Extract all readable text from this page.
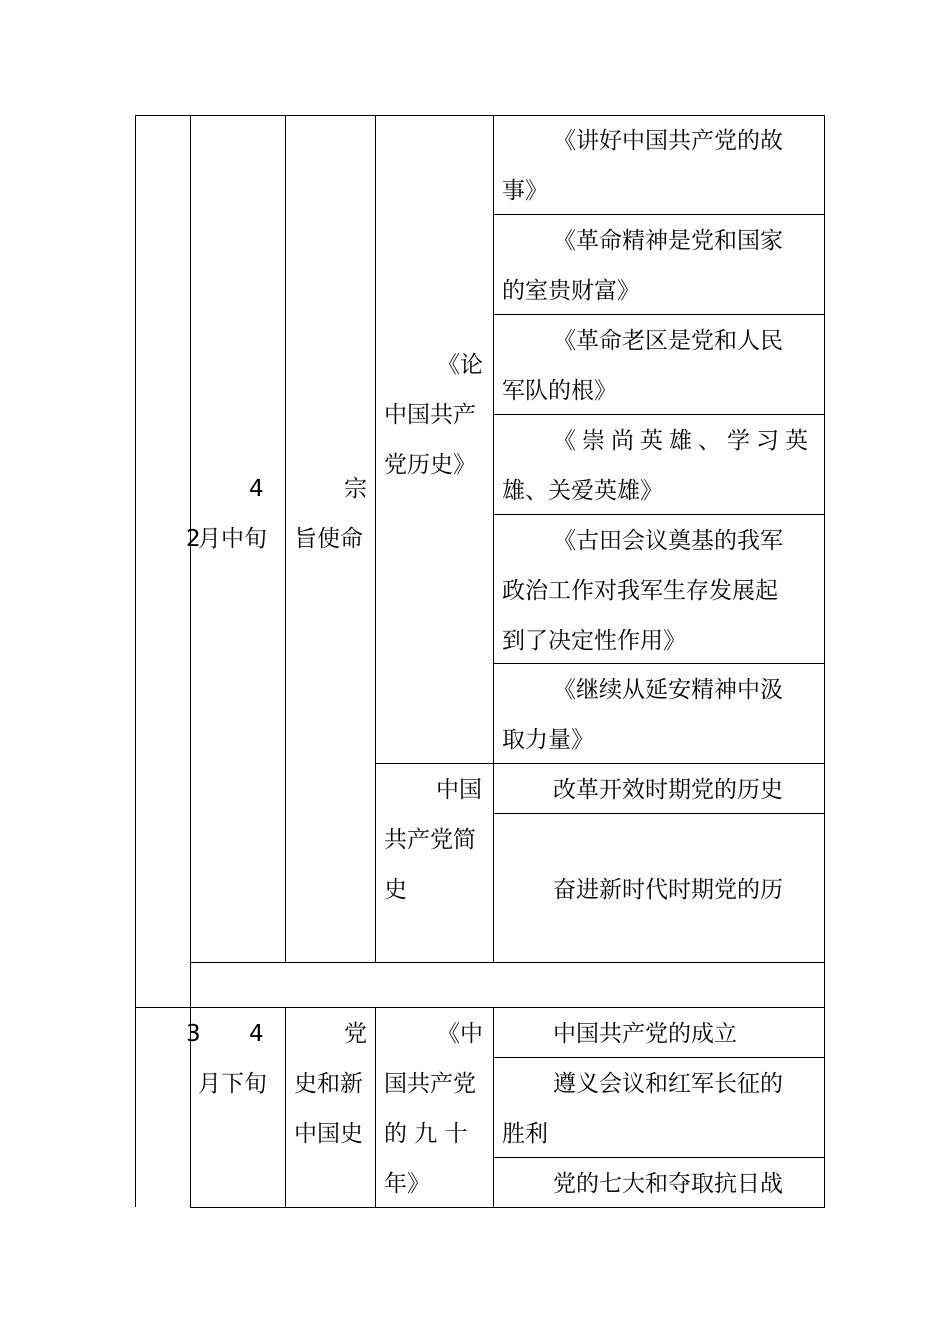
2
4
月中旬
宗
旨使命
《论
中国共产
党历史》
《讲好中国共产党的故
事》
《革命精神是党和国家
的室贵财富》
《革命老区是党和人民
军队的根》
《崇尚英雄、学习英
雄、关爱英雄》
《古田会议奠基的我军
政治工作对我军生存发展起
到了决定性作用》
《继续从延安精神中汲
取力量》
中国
共产党简
史
改革开效时期党的历史
奋进新时代时期党的历
3 4
月下旬
党
史和新
中国史
《中
国共产党
的 九 十
年》
中国共产党的成立
遵义会议和红军长征的
胜利
党的七大和夺取抗日战
